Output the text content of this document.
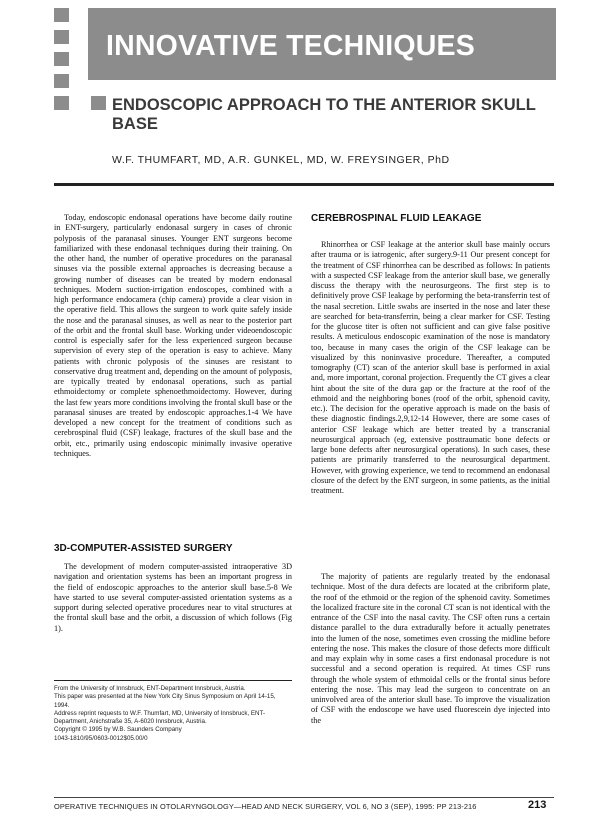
INNOVATIVE TECHNIQUES
ENDOSCOPIC APPROACH TO THE ANTERIOR SKULL BASE
W.F. THUMFART, MD, A.R. GUNKEL, MD, W. FREYSINGER, PhD

Today, endoscopic endonasal operations have become daily routine in ENT-surgery, particularly endonasal surgery in cases of chronic polyposis of the paranasal sinuses. Younger ENT surgeons become familiarized with these endonasal techniques during their training. On the other hand, the number of operative procedures on the paranasal sinuses via the possible external approaches is decreasing because a growing number of diseases can be treated by modern endonasal techniques. Modern suction-irrigation endoscopes, combined with a high performance endocamera (chip camera) provide a clear vision in the operative field. This allows the surgeon to work quite safely inside the nose and the paranasal sinuses, as well as near to the posterior part of the orbit and the frontal skull base. Working under videoendoscopic control is especially safer for the less experienced surgeon because supervision of every step of the operation is easy to achieve. Many patients with chronic polyposis of the sinuses are resistant to conservative drug treatment and, depending on the amount of polyposis, are typically treated by endonasal operations, such as partial ethmoidectomy or complete sphenoethmoidectomy. However, during the last few years more conditions involving the frontal skull base or the paranasal sinuses are treated by endoscopic approaches.1-4 We have developed a new concept for the treatment of conditions such as cerebrospinal fluid (CSF) leakage, fractures of the skull base and the orbit, etc., primarily using endoscopic minimally invasive operative techniques.

3D-COMPUTER-ASSISTED SURGERY

The development of modern computer-assisted intraoperative 3D navigation and orientation systems has been an important progress in the field of endoscopic approaches to the anterior skull base.5-8 We have started to use several computer-assisted orientation systems as a support during selected operative procedures near to vital structures at the frontal skull base and the orbit, a discussion of which follows (Fig 1).

From the University of Innsbruck, ENT-Department Innsbruck, Austria.

This paper was presented at the New York City Sinus Symposium on April 14-15, 1994.

Address reprint requests to W.F. Thumfart, MD, University of Innsbruck, ENT-Department, Anichstraße 35, A-6020 Innsbruck, Austria.

Copyright © 1995 by W.B. Saunders Company

1043-1810/95/0603-0012$05.00/0

CEREBROSPINAL FLUID LEAKAGE

Rhinorrhea or CSF leakage at the anterior skull base mainly occurs after trauma or is iatrogenic, after surgery.9-11 Our present concept for the treatment of CSF rhinorrhea can be described as follows: In patients with a suspected CSF leakage from the anterior skull base, we generally discuss the therapy with the neurosurgeons. The first step is to definitively prove CSF leakage by performing the beta-transferrin test of the nasal secretion. Little swabs are inserted in the nose and later these are searched for beta-transferrin, being a clear marker for CSF. Testing for the glucose titer is often not sufficient and can give false positive results. A meticulous endoscopic examination of the nose is mandatory too, because in many cases the origin of the CSF leakage can be visualized by this noninvasive procedure. Thereafter, a computed tomography (CT) scan of the anterior skull base is performed in axial and, more important, coronal projection. Frequently the CT gives a clear hint about the site of the dura gap or the fracture at the roof of the ethmoid and the neighboring bones (roof of the orbit, sphenoid cavity, etc.). The decision for the operative approach is made on the basis of these diagnostic findings.2,9,12-14 However, there are some cases of anterior CSF leakage which are better treated by a transcranial neurosurgical approach (eg, extensive posttraumatic bone defects or large bone defects after neurosurgical operations). In such cases, these patients are primarily transferred to the neurosurgical department. However, with growing experience, we tend to recommend an endonasal closure of the defect by the ENT surgeon, in some patients, as the initial treatment.

The majority of patients are regularly treated by the endonasal technique. Most of the dura defects are located at the cribriform plate, the roof of the ethmoid or the region of the sphenoid cavity. Sometimes the localized fracture site in the coronal CT scan is not identical with the entrance of the CSF into the nasal cavity. The CSF often runs a certain distance parallel to the dura extradurally before it actually penetrates into the lumen of the nose, sometimes even crossing the midline before entering the nose. This makes the closure of those defects more difficult and may explain why in some cases a first endonasal procedure is not successful and a second operation is required. At times CSF runs through the whole system of ethmoidal cells or the frontal sinus before entering the nose. This may lead the surgeon to concentrate on an uninvolved area of the anterior skull base. To improve the visualization of CSF with the endoscope we have used fluorescein dye injected into the

OPERATIVE TECHNIQUES IN OTOLARYNGOLOGY—HEAD AND NECK SURGERY, VOL 6, NO 3 (SEP), 1995: PP 213-216	213
